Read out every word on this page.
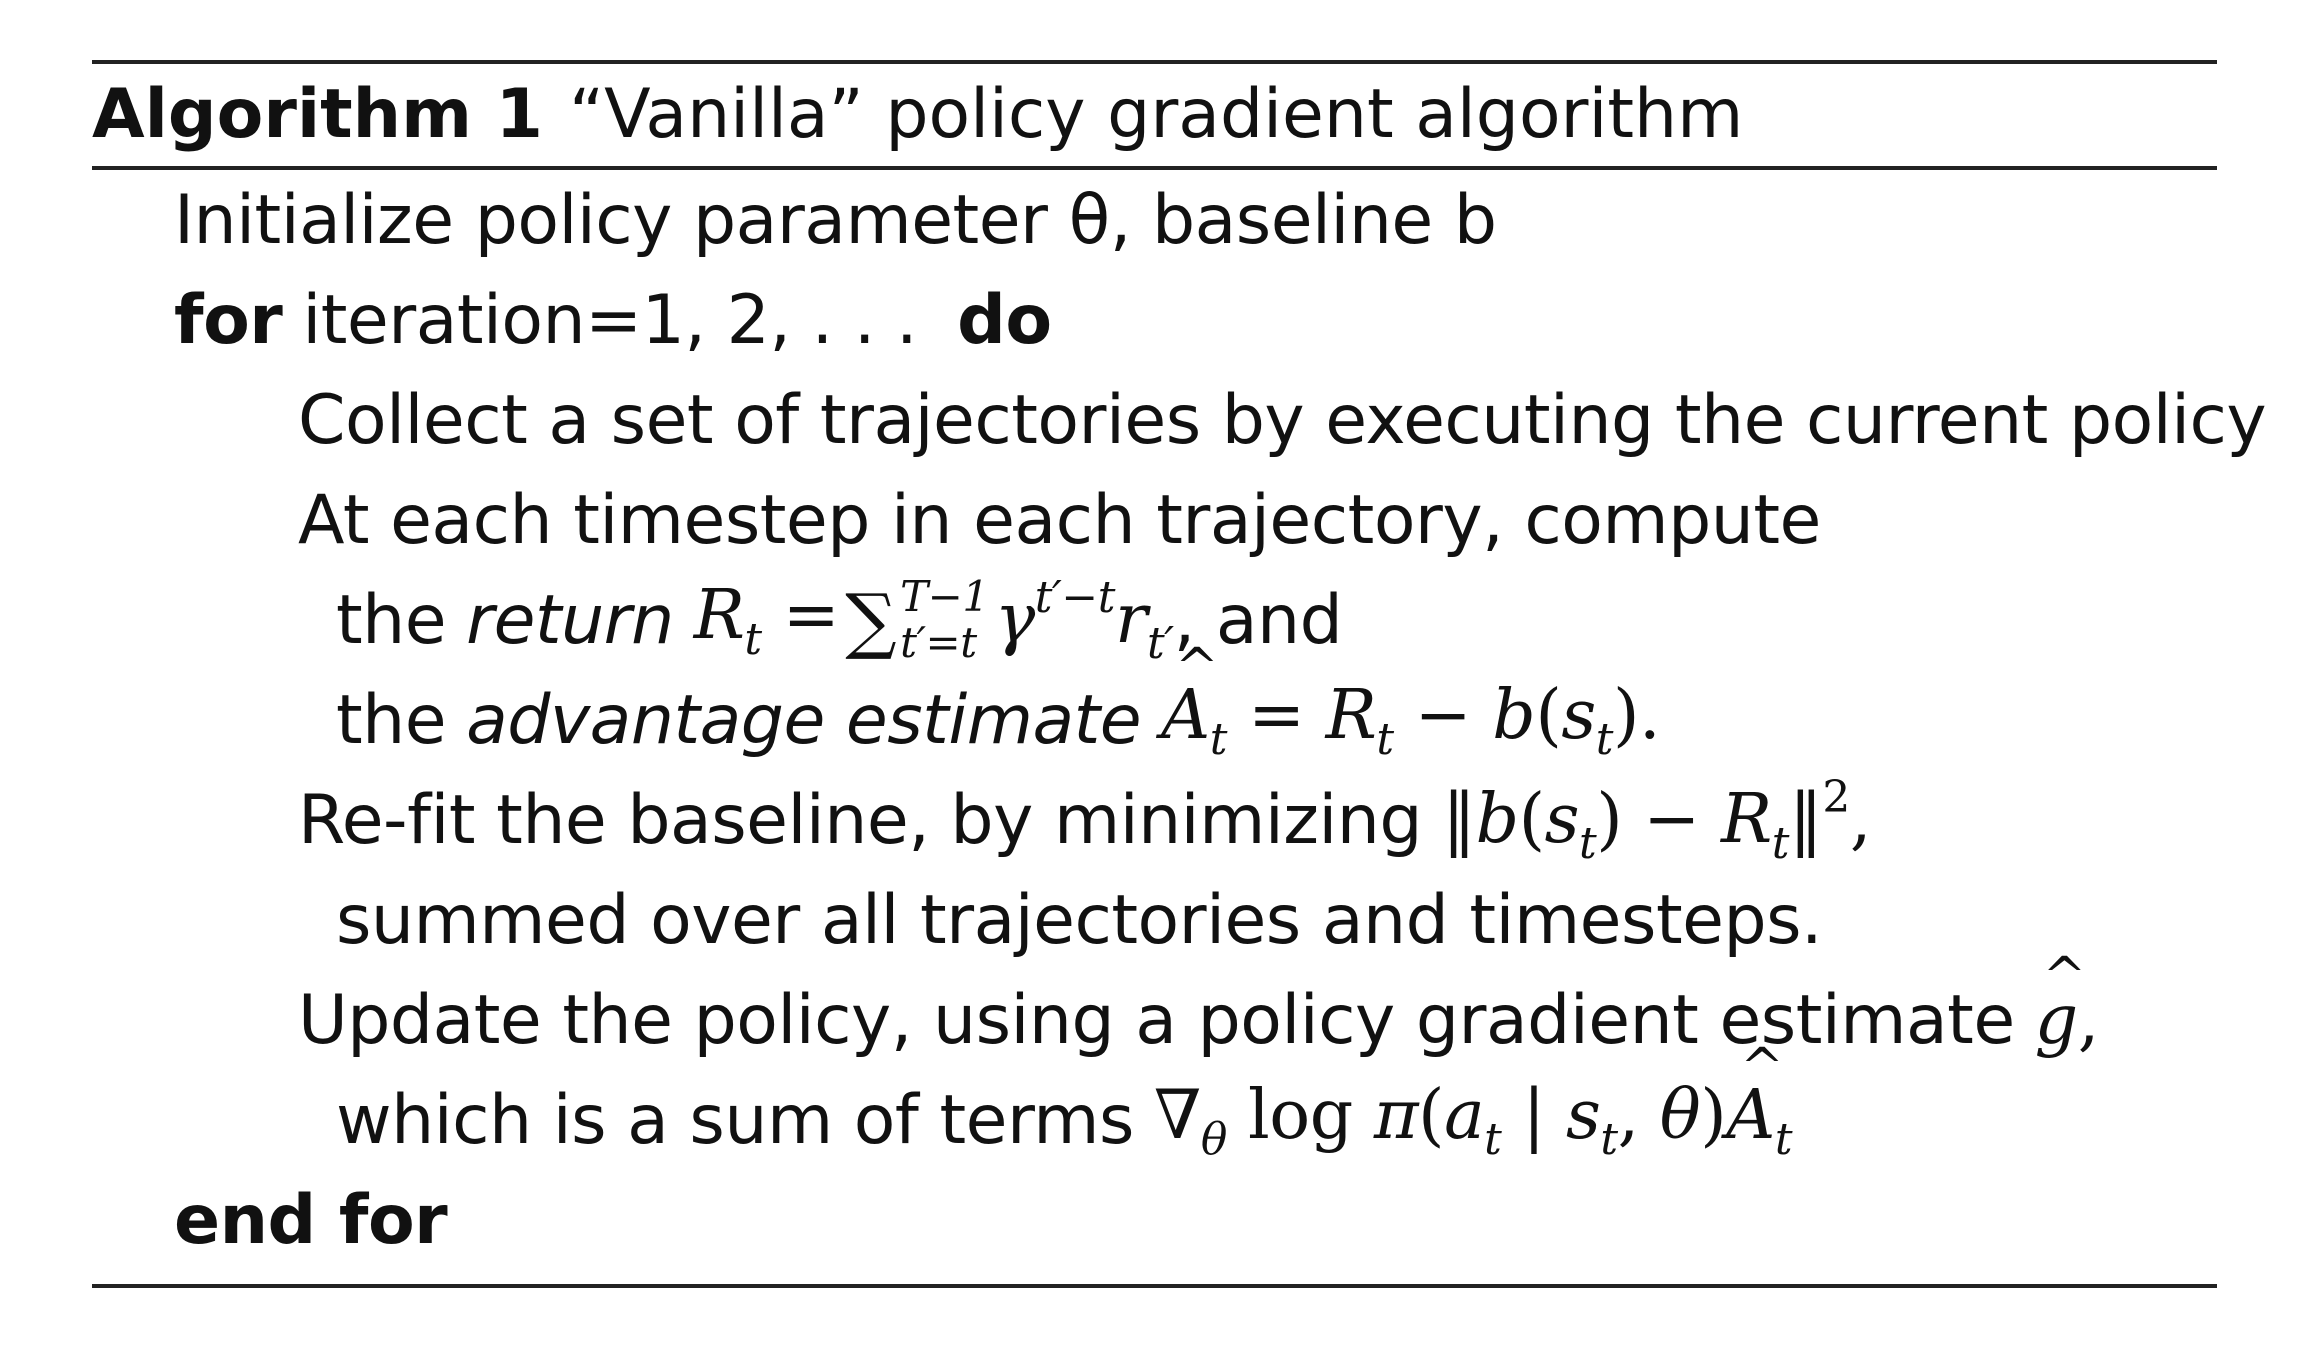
Algorithm 1 “Vanilla” policy gradient algorithm
Initialize policy parameter θ, baseline b
for iteration=1, 2, . . . do
Collect a set of trajectories by executing the current policy
At each timestep in each trajectory, compute
the return $R_t$ = ∑ T−1
t′=t $\gamma^{t'-t}r_{t'}$ , and
the advantage estimate ^ $A_t = R_t - b(s_t)$.
Re-fit the baseline, by minimizing $‖b(s_t)$ − $R_t‖^2$,
summed over all trajectories and timesteps.
Update the policy, using a policy gradient estimate ^ g,
which is a sum of terms $\nabla_\theta$ $\log \pi(a_t$ | $s_t$, θ)^ $A_t$
end for
